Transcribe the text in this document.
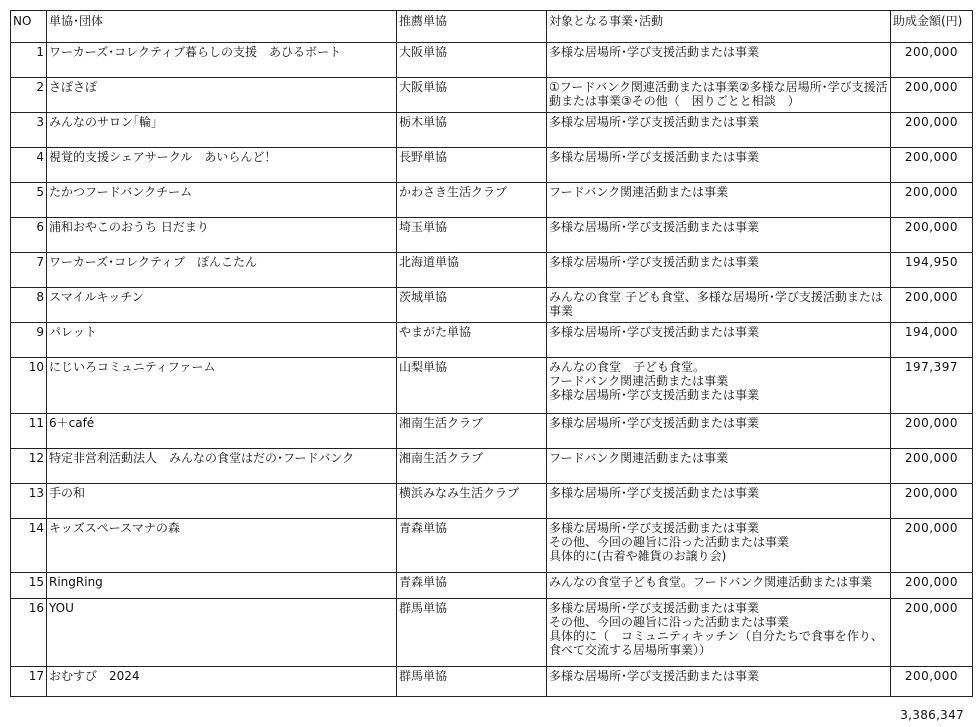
NO	単協･団体	推薦単協	対象となる事業･活動	助成金額(円)
1	ワーカーズ･コレクティブ暮らしの支援　あひるボート	大阪単協	多様な居場所･学び支援活動または事業	200,000
2	さぽさぽ	大阪単協	①フードバンク関連活動または事業②多様な居場所･学び支援活動または事業③その他（　困りごとと相談　）	200,000
3	みんなのサロン｢輪｣	栃木単協	多様な居場所･学び支援活動または事業	200,000
4	視覚的支援シェアサークル　あいらんど！	長野単協	多様な居場所･学び支援活動または事業	200,000
5	たかつフードバンクチーム	かわさき生活クラブ	フードバンク関連活動または事業	200,000
6	浦和おやこのおうち 日だまり	埼玉単協	多様な居場所･学び支援活動または事業	200,000
7	ワーカーズ･コレクティブ　ぽんこたん	北海道単協	多様な居場所･学び支援活動または事業	194,950
8	スマイルキッチン	茨城単協	みんなの食堂 子ども食堂、多様な居場所･学び支援活動または事業	200,000
9	パレット	やまがた単協	多様な居場所･学び支援活動または事業	194,000
10	にじいろコミュニティファーム	山梨単協	みんなの食堂　子ども食堂。
フードバンク関連活動または事業
多様な居場所･学び支援活動または事業	197,397
11	6＋café	湘南生活クラブ	多様な居場所･学び支援活動または事業	200,000
12	特定非営利活動法人　みんなの食堂はだの･フードバンク	湘南生活クラブ	フードバンク関連活動または事業	200,000
13	手の和	横浜みなみ生活クラブ	多様な居場所･学び支援活動または事業	200,000
14	キッズスペースマナの森	青森単協	多様な居場所･学び支援活動または事業
その他、今回の趣旨に沿った活動または事業
具体的に(古着や雑貨のお譲り会)	200,000
15	RingRing	青森単協	みんなの食堂子ども食堂。フードバンク関連活動または事業	200,000
16	YOU	群馬単協	多様な居場所･学び支援活動または事業
その他、今回の趣旨に沿った活動または事業
具体的に（　コミュニティキッチン（自分たちで食事を作り、食べて交流する居場所事業））	200,000
17	おむすび　2024	群馬単協	多様な居場所･学び支援活動または事業	200,000
3,386,347
